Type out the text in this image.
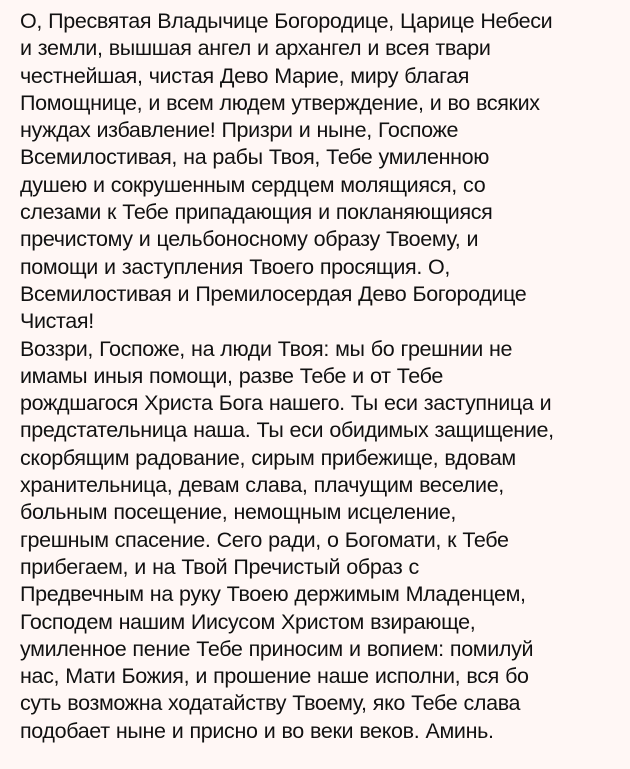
О, Пресвятая Владычице Богородице, Царице Небеси
и земли, вышшая ангел и архангел и всея твари
честнейшая, чистая Дево Марие, миру благая
Помощнице, и всем людем утверждение, и во всяких
нуждах избавление! Призри и ныне, Госпоже
Всемилостивая, на рабы Твоя, Тебе умиленною
душею и сокрушенным сердцем молящияся, со
слезами к Тебе припадающия и покланяющияся
пречистому и цельбоносному образу Твоему, и
помощи и заступления Твоего просящия. О,
Всемилостивая и Премилосердая Дево Богородице
Чистая!
Воззри, Госпоже, на люди Твоя: мы бо грешнии не
имамы иныя помощи, разве Тебе и от Тебе
рождшагося Христа Бога нашего. Ты еси заступница и
предстательница наша. Ты еси обидимых защищение,
скорбящим радование, сирым прибежище, вдовам
хранительница, девам слава, плачущим веселие,
больным посещение, немощным исцеление,
грешным спасение. Сего ради, о Богомати, к Тебе
прибегаем, и на Твой Пречистый образ с
Предвечным на руку Твоею держимым Младенцем,
Господем нашим Иисусом Христом взирающе,
умиленное пение Тебе приносим и вопием: помилуй
нас, Мати Божия, и прошение наше исполни, вся бо
суть возможна ходатайству Твоему, яко Тебе слава
подобает ныне и присно и во веки веков. Аминь.
